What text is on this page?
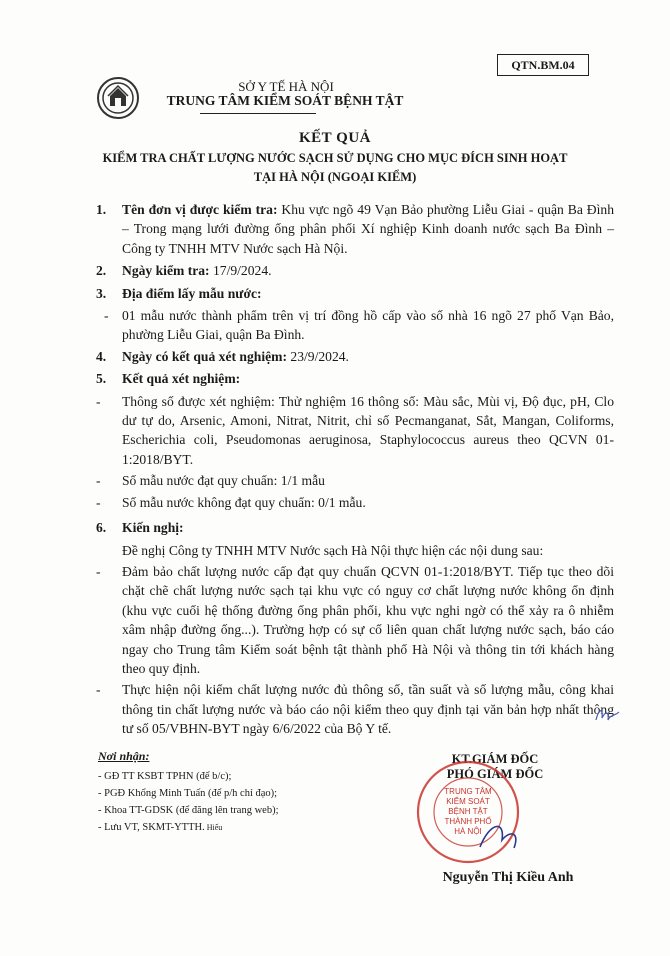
QTN.BM.04
SỞ Y TẾ HÀ NỘI
TRUNG TÂM KIỂM SOÁT BỆNH TẬT
KẾT QUẢ
KIỂM TRA CHẤT LƯỢNG NƯỚC SẠCH SỬ DỤNG CHO MỤC ĐÍCH SINH HOẠT
TẠI HÀ NỘI (NGOẠI KIỂM)
1. Tên đơn vị được kiểm tra: Khu vực ngõ 49 Vạn Bảo phường Liễu Giai - quận Ba Đình – Trong mạng lưới đường ống phân phối Xí nghiệp Kinh doanh nước sạch Ba Đình – Công ty TNHH MTV Nước sạch Hà Nội.
2. Ngày kiểm tra: 17/9/2024.
3. Địa điểm lấy mẫu nước:
- 01 mẫu nước thành phẩm trên vị trí đồng hồ cấp vào số nhà 16 ngõ 27 phố Vạn Bảo, phường Liễu Giai, quận Ba Đình.
4. Ngày có kết quả xét nghiệm: 23/9/2024.
5. Kết quả xét nghiệm:
- Thông số được xét nghiệm: Thử nghiệm 16 thông số: Màu sắc, Mùi vị, Độ đục, pH, Clo dư tự do, Arsenic, Amoni, Nitrat, Nitrit, chỉ số Pecmanganat, Sắt, Mangan, Coliforms, Escherichia coli, Pseudomonas aeruginosa, Staphylococcus aureus theo QCVN 01-1:2018/BYT.
- Số mẫu nước đạt quy chuẩn: 1/1 mẫu
- Số mẫu nước không đạt quy chuẩn: 0/1 mẫu.
6. Kiến nghị:
Đề nghị Công ty TNHH MTV Nước sạch Hà Nội thực hiện các nội dung sau:
- Đảm bảo chất lượng nước cấp đạt quy chuẩn QCVN 01-1:2018/BYT. Tiếp tục theo dõi chặt chẽ chất lượng nước sạch tại khu vực có nguy cơ chất lượng nước không ổn định (khu vực cuối hệ thống đường ống phân phối, khu vực nghi ngờ có thể xảy ra ô nhiễm xâm nhập đường ống...). Trường hợp có sự cố liên quan chất lượng nước sạch, báo cáo ngay cho Trung tâm Kiểm soát bệnh tật thành phố Hà Nội và thông tin tới khách hàng theo quy định.
- Thực hiện nội kiểm chất lượng nước đủ thông số, tần suất và số lượng mẫu, công khai thông tin chất lượng nước và báo cáo nội kiểm theo quy định tại văn bản hợp nhất thông tư số 05/VBHN-BYT ngày 6/6/2022 của Bộ Y tế.
Nơi nhận:
- GĐ TT KSBT TPHN (để b/c);
- PGĐ Khổng Minh Tuấn (để p/h chỉ đạo);
- Khoa TT-GDSK (để đăng lên trang web);
- Lưu VT, SKMT-YTTH. Hiếu
KT.GIÁM ĐỐC
PHÓ GIÁM ĐỐC
TRUNG TÂM
KIỂM SOÁT
BỆNH TẬT
THÀNH PHỐ
HÀ NỘI
Nguyễn Thị Kiều Anh
